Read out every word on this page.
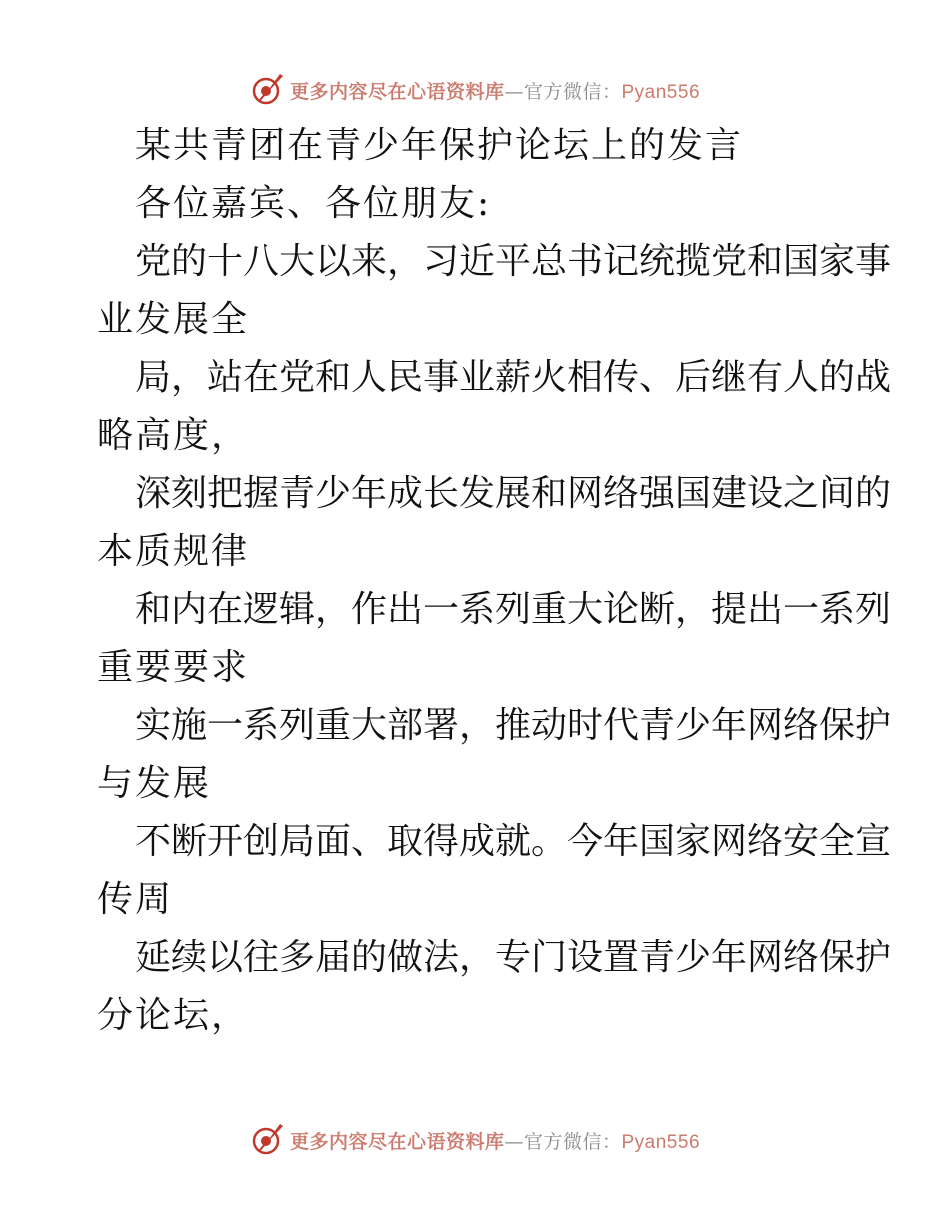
更多内容尽在心语资料库—官方微信：Pyan556
某共青团在青少年保护论坛上的发言
各位嘉宾、各位朋友:
党的十八大以来，习近平总书记统揽党和国家事
业发展全
局，站在党和人民事业薪火相传、后继有人的战
略高度，
深刻把握青少年成长发展和网络强国建设之间的
本质规律
和内在逻辑，作出一系列重大论断，提出一系列
重要要求
实施一系列重大部署，推动时代青少年网络保护
与发展
不断开创局面、取得成就。今年国家网络安全宣
传周
延续以往多届的做法，专门设置青少年网络保护
分论坛，
更多内容尽在心语资料库—官方微信：Pyan556
